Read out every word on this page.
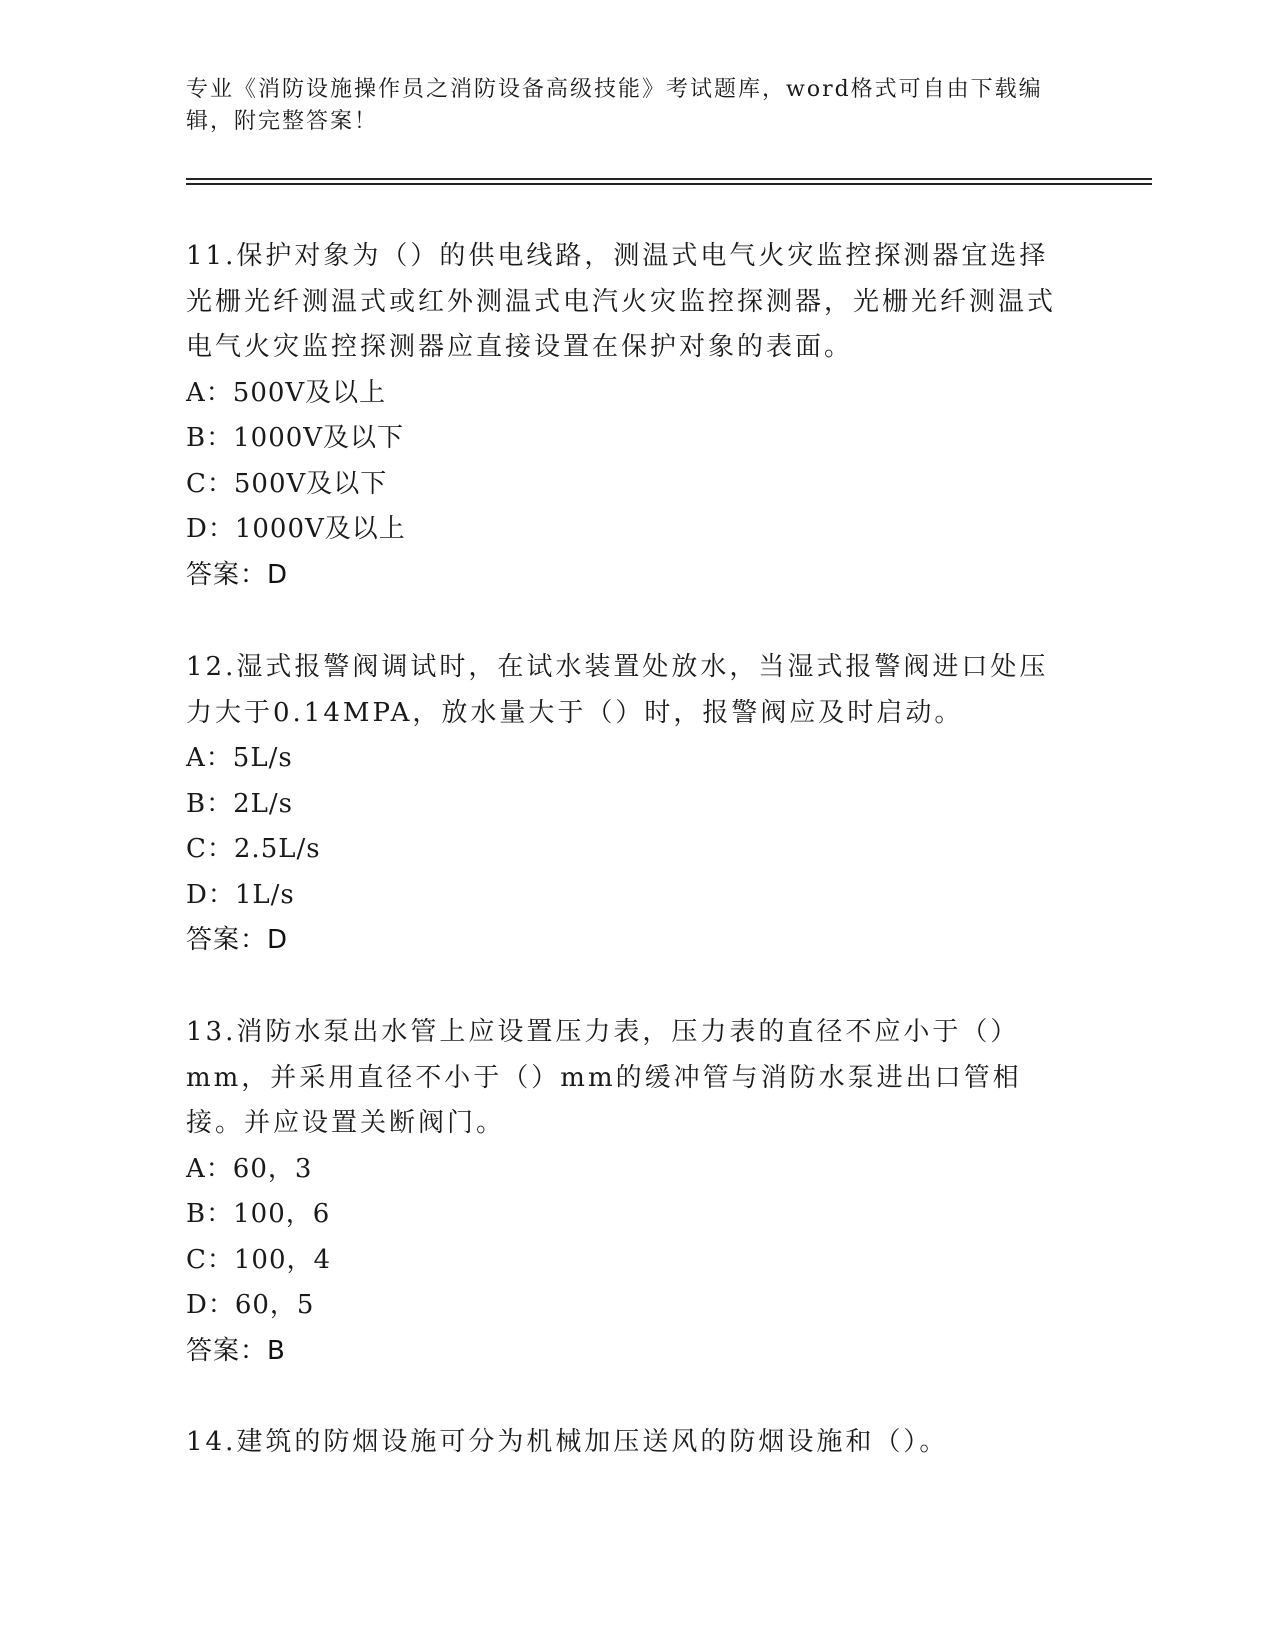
专业《消防设施操作员之消防设备高级技能》考试题库，word格式可自由下载编
辑，附完整答案！

11.保护对象为（）的供电线路，测温式电气火灾监控探测器宜选择光栅光纤测温式或红外测温式电汽火灾监控探测器，光栅光纤测温式电气火灾监控探测器应直接设置在保护对象的表面。

A：500V及以上
B：1000V及以下
C：500V及以下
D：1000V及以上
答案：D

12.湿式报警阀调试时，在试水装置处放水，当湿式报警阀进口处压力大于0.14MPA，放水量大于（）时，报警阀应及时启动。

A：5L/s
B：2L/s
C：2.5L/s
D：1L/s
答案：D

13.消防水泵出水管上应设置压力表，压力表的直径不应小于（）mm，并采用直径不小于（）mm的缓冲管与消防水泵进出口管相接。并应设置关断阀门。

A：60，3
B：100，6
C：100，4
D：60，5
答案：B

14.建筑的防烟设施可分为机械加压送风的防烟设施和（）。
